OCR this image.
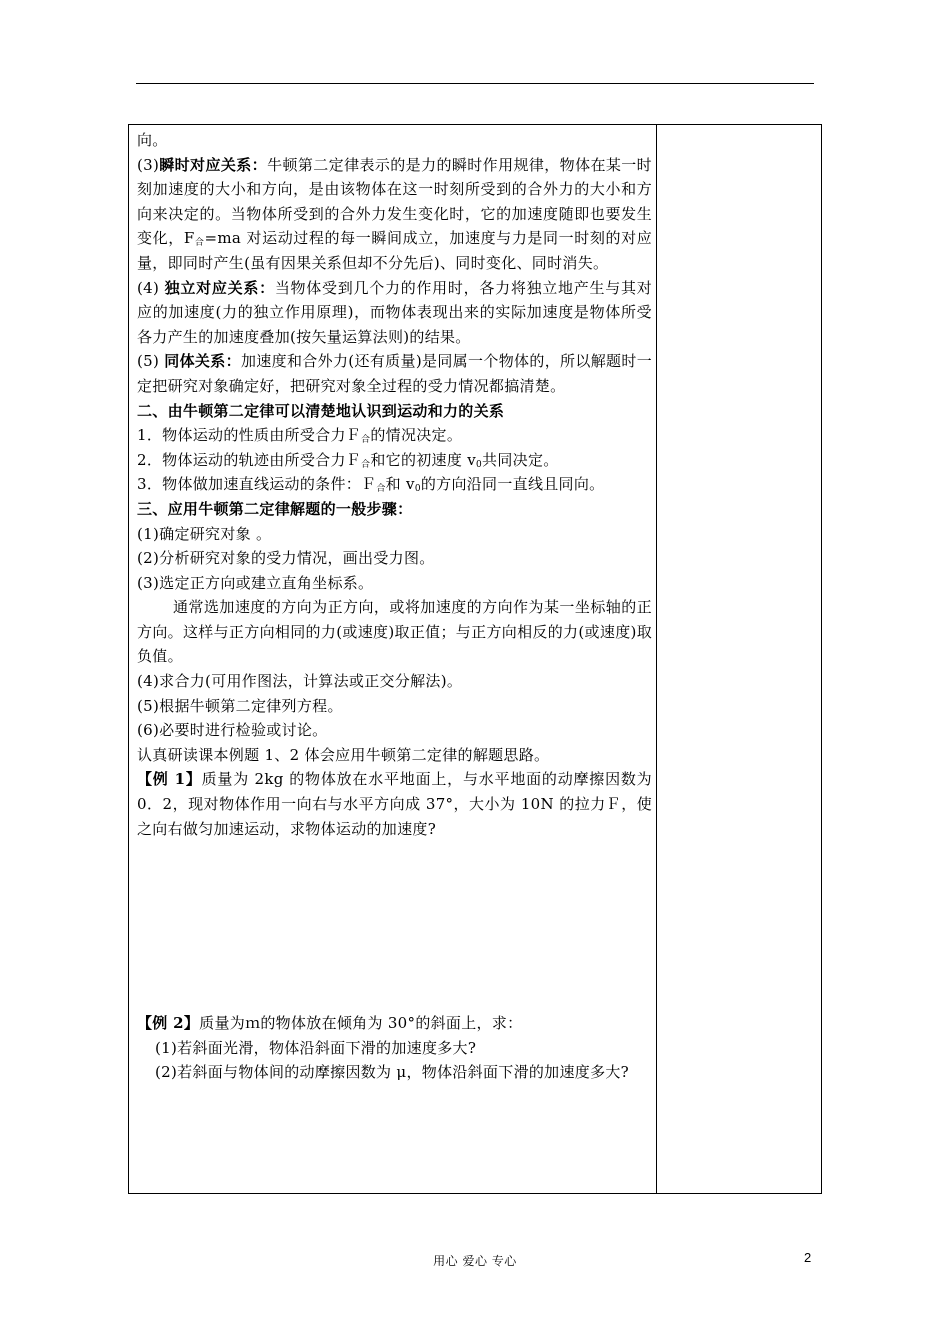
向。

(3)瞬时对应关系：牛顿第二定律表示的是力的瞬时作用规律，物体在某一时刻加速度的大小和方向，是由该物体在这一时刻所受到的合外力的大小和方向来决定的。当物体所受到的合外力发生变化时，它的加速度随即也要发生变化，$F_合=ma$ 对运动过程的每一瞬间成立，加速度与力是同一时刻的对应量，即同时产生(虽有因果关系但却不分先后)、同时变化、同时消失。

(4) 独立对应关系：当物体受到几个力的作用时，各力将独立地产生与其对应的加速度(力的独立作用原理)，而物体表现出来的实际加速度是物体所受各力产生的加速度叠加(按矢量运算法则)的结果。

(5) 同体关系：加速度和合外力(还有质量)是同属一个物体的，所以解题时一定把研究对象确定好，把研究对象全过程的受力情况都搞清楚。

二、由牛顿第二定律可以清楚地认识到运动和力的关系

1．物体运动的性质由所受合力Ｆ$_合$的情况决定。

2．物体运动的轨迹由所受合力Ｆ$_合$和它的初速度 $v_0$共同决定。

3．物体做加速直线运动的条件：Ｆ$_合$和 $v_0$的方向沿同一直线且同向。

三、应用牛顿第二定律解题的一般步骤：

(1)确定研究对象 。

(2)分析研究对象的受力情况，画出受力图。

(3)选定正方向或建立直角坐标系。

通常选加速度的方向为正方向，或将加速度的方向作为某一坐标轴的正方向。这样与正方向相同的力(或速度)取正值；与正方向相反的力(或速度)取负值。

(4)求合力(可用作图法，计算法或正交分解法)。

(5)根据牛顿第二定律列方程。

(6)必要时进行检验或讨论。

认真研读课本例题 1、2 体会应用牛顿第二定律的解题思路。

【例 1】质量为 2kg 的物体放在水平地面上，与水平地面的动摩擦因数为 0．2，现对物体作用一向右与水平方向成 37°，大小为 10N 的拉力Ｆ，使之向右做匀加速运动，求物体运动的加速度?

【例 2】质量为ｍ的物体放在倾角为 30°的斜面上，求：

(1)若斜面光滑，物体沿斜面下滑的加速度多大?

(2)若斜面与物体间的动摩擦因数为 μ，物体沿斜面下滑的加速度多大?

用心 爱心 专心	2
